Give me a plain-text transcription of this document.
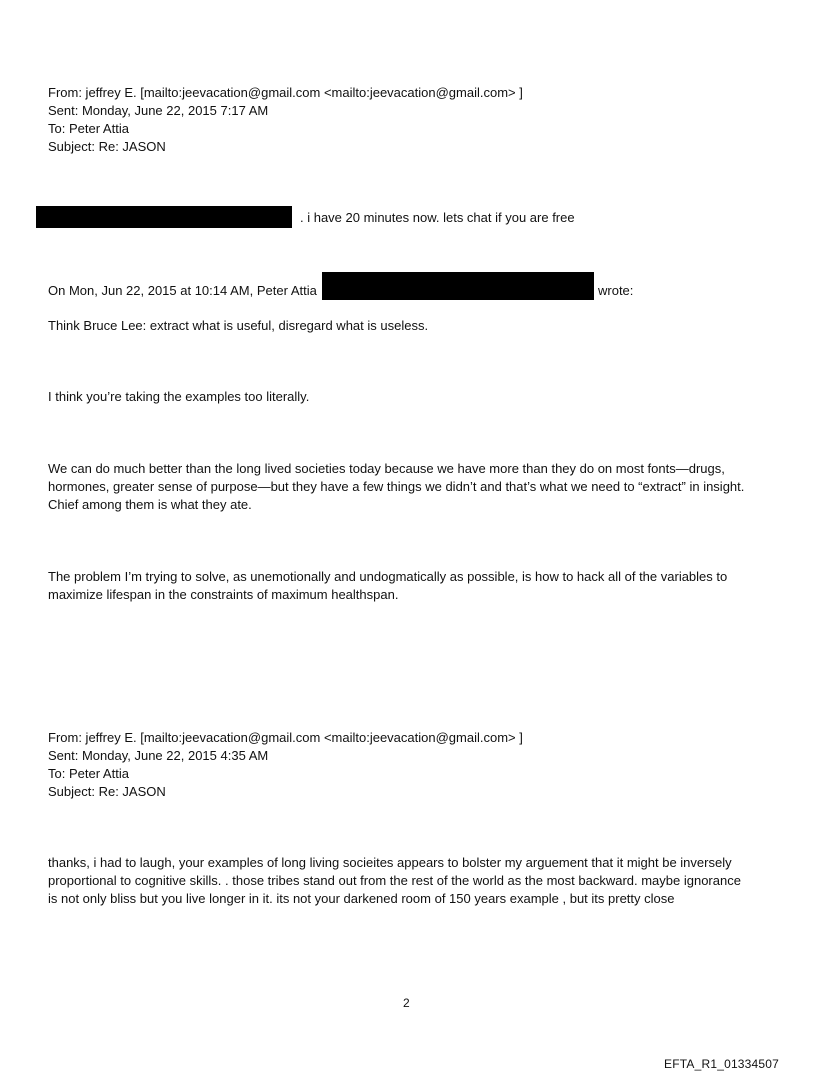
From: jeffrey E. [mailto:jeevacation@gmail.com <mailto:jeevacation@gmail.com> ]
Sent: Monday, June 22, 2015 7:17 AM
To: Peter Attia
Subject: Re: JASON
. i have 20 minutes now. lets chat if you are free
On Mon, Jun 22, 2015 at 10:14 AM, Peter Attia	wrote:
Think Bruce Lee: extract what is useful, disregard what is useless.
I think you’re taking the examples too literally.
We can do much better than the long lived societies today because we have more than they do on most fonts—drugs, hormones, greater sense of purpose—but they have a few things we didn’t and that’s what we need to “extract” in insight. Chief among them is what they ate.
The problem I’m trying to solve, as unemotionally and undogmatically as possible, is how to hack all of the variables to maximize lifespan in the constraints of maximum healthspan.
From: jeffrey E. [mailto:jeevacation@gmail.com <mailto:jeevacation@gmail.com> ]
Sent: Monday, June 22, 2015 4:35 AM
To: Peter Attia
Subject: Re: JASON
thanks, i had to laugh, your examples of long living socieites appears to bolster my arguement that it might be inversely proportional to cognitive skills. . those tribes stand out from the rest of the world as the most backward. maybe ignorance is not only bliss but you live longer in it. its not your darkened room of 150 years example , but its pretty close
2
EFTA_R1_01334507
